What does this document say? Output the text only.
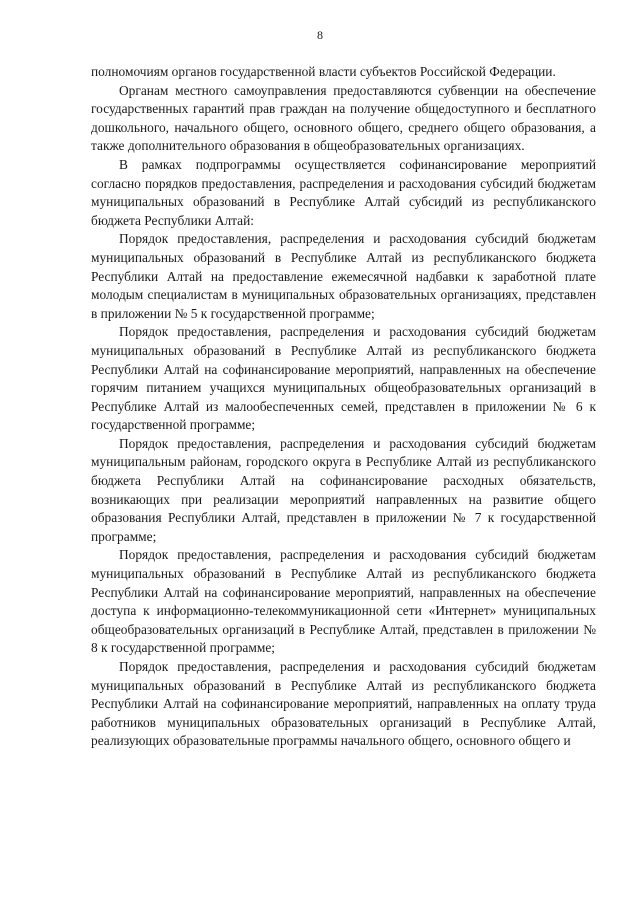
8

полномочиям органов государственной власти субъектов Российской Федерации.

Органам местного самоуправления предоставляются субвенции на обеспечение государственных гарантий прав граждан на получение общедоступного и бесплатного дошкольного, начального общего, основного общего, среднего общего образования, а также дополнительного образования в общеобразовательных организациях.

В рамках подпрограммы осуществляется софинансирование мероприятий согласно порядков предоставления, распределения и расходования субсидий бюджетам муниципальных образований в Республике Алтай субсидий из республиканского бюджета Республики Алтай:

Порядок предоставления, распределения и расходования субсидий бюджетам муниципальных образований в Республике Алтай из республиканского бюджета Республики Алтай на предоставление ежемесячной надбавки к заработной плате молодым специалистам в муниципальных образовательных организациях, представлен в приложении № 5 к государственной программе;

Порядок предоставления, распределения и расходования субсидий бюджетам муниципальных образований в Республике Алтай из республиканского бюджета Республики Алтай на софинансирование мероприятий, направленных на обеспечение горячим питанием учащихся муниципальных общеобразовательных организаций в Республике Алтай из малообеспеченных семей, представлен в приложении № 6 к государственной программе;

Порядок предоставления, распределения и расходования субсидий бюджетам муниципальным районам, городского округа в Республике Алтай из республиканского бюджета Республики Алтай на софинансирование расходных обязательств, возникающих при реализации мероприятий направленных на развитие общего образования Республики Алтай, представлен в приложении № 7 к государственной программе;

Порядок предоставления, распределения и расходования субсидий бюджетам муниципальных образований в Республике Алтай из республиканского бюджета Республики Алтай на софинансирование мероприятий, направленных на обеспечение доступа к информационно-телекоммуникационной сети «Интернет» муниципальных общеобразовательных организаций в Республике Алтай, представлен в приложении № 8 к государственной программе;

Порядок предоставления, распределения и расходования субсидий бюджетам муниципальных образований в Республике Алтай из республиканского бюджета Республики Алтай на софинансирование мероприятий, направленных на оплату труда работников муниципальных образовательных организаций в Республике Алтай, реализующих образовательные программы начального общего, основного общего и
